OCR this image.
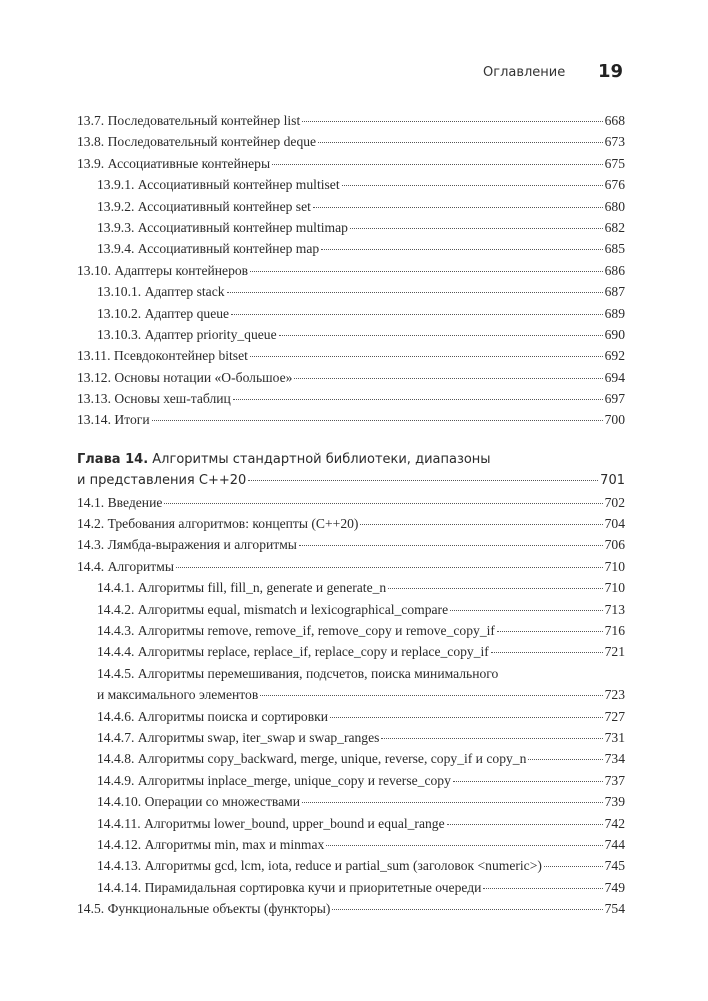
Оглавление 19
13.7. Последовательный контейнер list	668
13.8. Последовательный контейнер deque	673
13.9. Ассоциативные контейнеры	675
13.9.1. Ассоциативный контейнер multiset	676
13.9.2. Ассоциативный контейнер set	680
13.9.3. Ассоциативный контейнер multimap	682
13.9.4. Ассоциативный контейнер map	685
13.10. Адаптеры контейнеров	686
13.10.1. Адаптер stack	687
13.10.2. Адаптер queue	689
13.10.3. Адаптер priority_queue	690
13.11. Псевдоконтейнер bitset	692
13.12. Основы нотации «О-большое»	694
13.13. Основы хеш-таблиц	697
13.14. Итоги	700
Глава 14. Алгоритмы стандартной библиотеки, диапазоны
и представления C++20	701
14.1. Введение	702
14.2. Требования алгоритмов: концепты (C++20)	704
14.3. Лямбда-выражения и алгоритмы	706
14.4. Алгоритмы	710
14.4.1. Алгоритмы fill, fill_n, generate и generate_n	710
14.4.2. Алгоритмы equal, mismatch и lexicographical_compare	713
14.4.3. Алгоритмы remove, remove_if, remove_copy и remove_copy_if	716
14.4.4. Алгоритмы replace, replace_if, replace_copy и replace_copy_if	721
14.4.5. Алгоритмы перемешивания, подсчетов, поиска минимального
и максимального элементов	723
14.4.6. Алгоритмы поиска и сортировки	727
14.4.7. Алгоритмы swap, iter_swap и swap_ranges	731
14.4.8. Алгоритмы copy_backward, merge, unique, reverse, copy_if и copy_n	734
14.4.9. Алгоритмы inplace_merge, unique_copy и reverse_copy	737
14.4.10. Операции со множествами	739
14.4.11. Алгоритмы lower_bound, upper_bound и equal_range	742
14.4.12. Алгоритмы min, max и minmax	744
14.4.13. Алгоритмы gcd, lcm, iota, reduce и partial_sum (заголовок <numeric>)	745
14.4.14. Пирамидальная сортировка кучи и приоритетные очереди	749
14.5. Функциональные объекты (функторы)	754
